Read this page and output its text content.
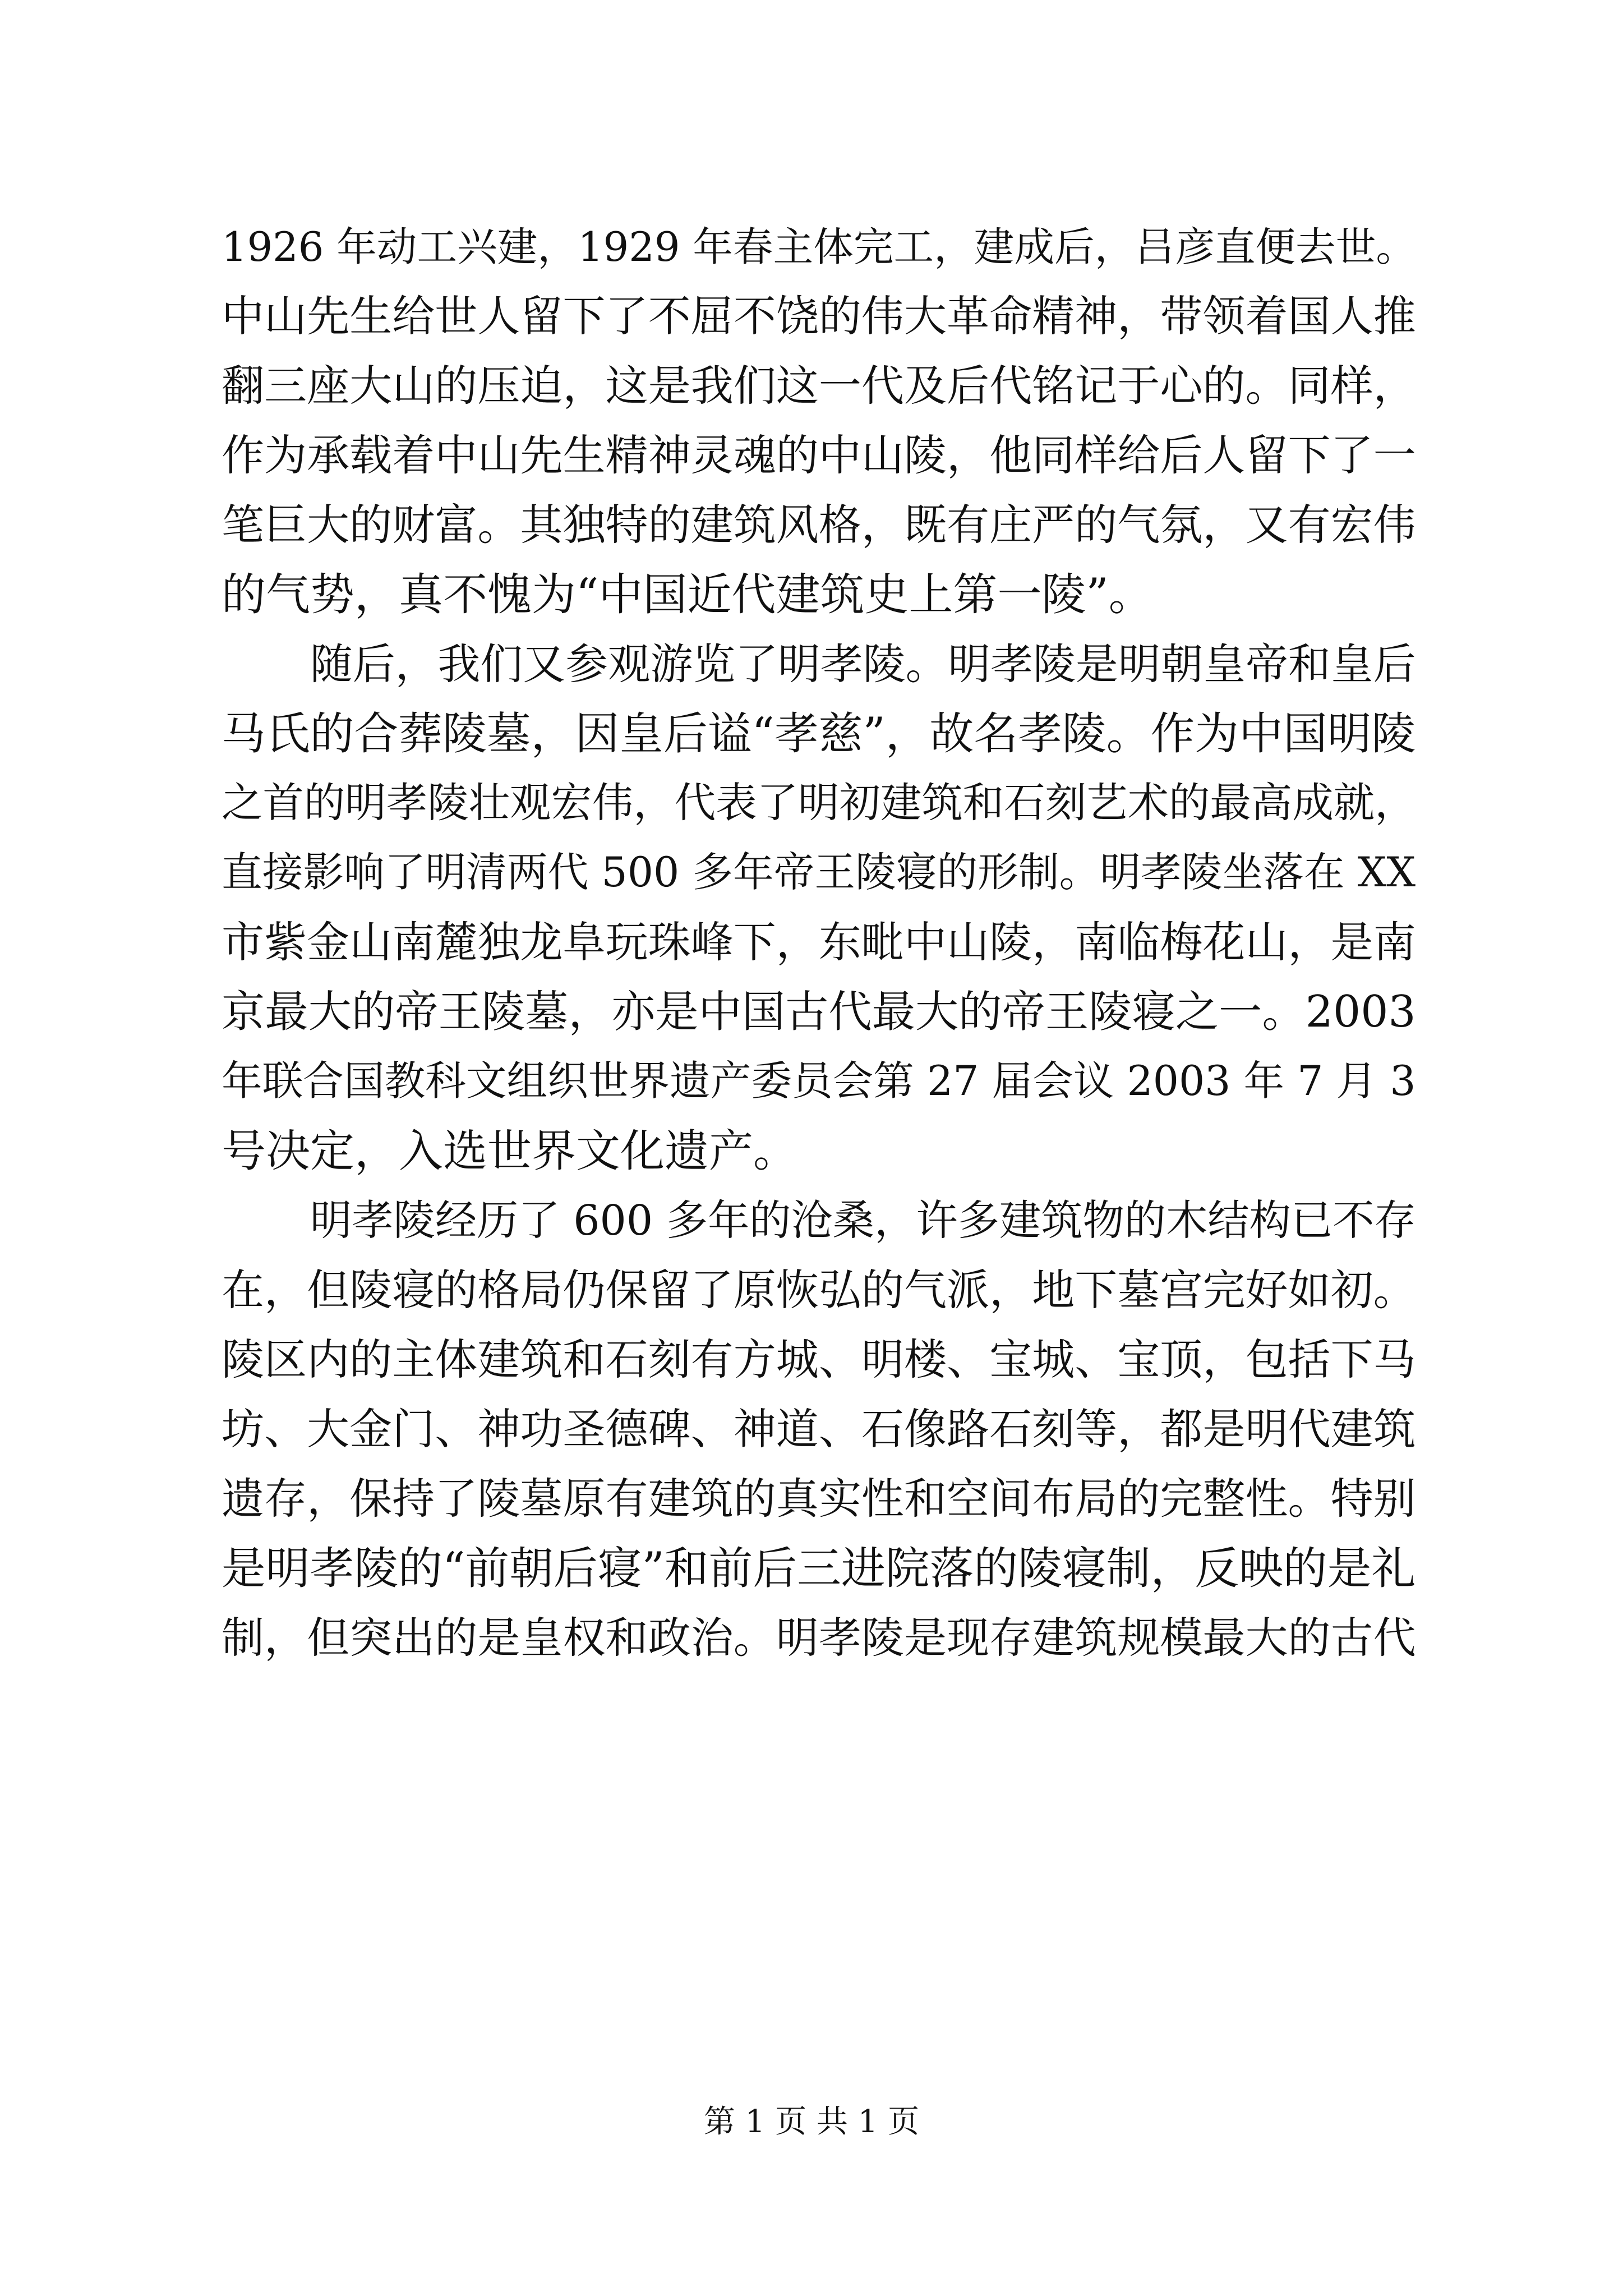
1926 年动工兴建，1929 年春主体完工，建成后，吕彦直便去世。
中山先生给世人留下了不屈不饶的伟大革命精神，带领着国人推
翻三座大山的压迫，这是我们这一代及后代铭记于心的。同样，
作为承载着中山先生精神灵魂的中山陵，他同样给后人留下了一
笔巨大的财富。其独特的建筑风格，既有庄严的气氛，又有宏伟
的气势，真不愧为“中国近代建筑史上第一陵”。
随后，我们又参观游览了明孝陵。明孝陵是明朝皇帝和皇后
马氏的合葬陵墓，因皇后谥“孝慈”，故名孝陵。作为中国明陵
之首的明孝陵壮观宏伟，代表了明初建筑和石刻艺术的最高成就，
直接影响了明清两代 500 多年帝王陵寝的形制。明孝陵坐落在 XX
市紫金山南麓独龙阜玩珠峰下，东毗中山陵，南临梅花山，是南
京最大的帝王陵墓，亦是中国古代最大的帝王陵寝之一。2003
年联合国教科文组织世界遗产委员会第 27 届会议 2003 年 7 月 3
号决定，入选世界文化遗产。
明孝陵经历了 600 多年的沧桑，许多建筑物的木结构已不存
在，但陵寝的格局仍保留了原恢弘的气派，地下墓宫完好如初。
陵区内的主体建筑和石刻有方城、明楼、宝城、宝顶，包括下马
坊、大金门、神功圣德碑、神道、石像路石刻等，都是明代建筑
遗存，保持了陵墓原有建筑的真实性和空间布局的完整性。特别
是明孝陵的“前朝后寝”和前后三进院落的陵寝制，反映的是礼
制，但突出的是皇权和政治。明孝陵是现存建筑规模最大的古代
第 1 页 共 1 页
